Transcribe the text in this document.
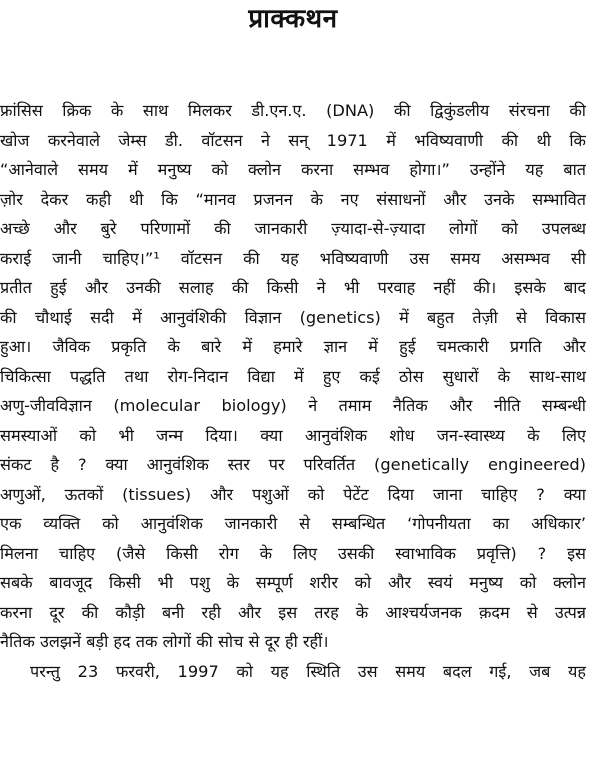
प्राक्कथन
फ्रांसिस क्रिक के साथ मिलकर डी.एन.ए. (DNA) की द्विकुंडलीय संरचना की
खोज करनेवाले जेम्स डी. वॉटसन ने सन् 1971 में भविष्यवाणी की थी कि
“आनेवाले समय में मनुष्य को क्लोन करना सम्भव होगा।” उन्होंने यह बात
ज़ोर देकर कही थी कि “मानव प्रजनन के नए संसाधनों और उनके सम्भावित
अच्छे और बुरे परिणामों की जानकारी ज़्यादा-से-ज़्यादा लोगों को उपलब्ध
कराई जानी चाहिए।”¹ वॉटसन की यह भविष्यवाणी उस समय असम्भव सी
प्रतीत हुई और उनकी सलाह की किसी ने भी परवाह नहीं की। इसके बाद
की चौथाई सदी में आनुवंशिकी विज्ञान (genetics) में बहुत तेज़ी से विकास
हुआ। जैविक प्रकृति के बारे में हमारे ज्ञान में हुई चमत्कारी प्रगति और
चिकित्सा पद्धति तथा रोग-निदान विद्या में हुए कई ठोस सुधारों के साथ-साथ
अणु-जीवविज्ञान (molecular biology) ने तमाम नैतिक और नीति सम्बन्धी
समस्याओं को भी जन्म दिया। क्या आनुवंशिक शोध जन-स्वास्थ्य के लिए
संकट है ? क्या आनुवंशिक स्तर पर परिवर्तित (genetically engineered)
अणुओं, ऊतकों (tissues) और पशुओं को पेटेंट दिया जाना चाहिए ? क्या
एक व्यक्ति को आनुवंशिक जानकारी से सम्बन्धित ‘गोपनीयता का अधिकार’
मिलना चाहिए (जैसे किसी रोग के लिए उसकी स्वाभाविक प्रवृत्ति) ? इस
सबके बावजूद किसी भी पशु के सम्पूर्ण शरीर को और स्वयं मनुष्य को क्लोन
करना दूर की कौड़ी बनी रही और इस तरह के आश्चर्यजनक क़दम से उत्पन्न
नैतिक उलझनें बड़ी हद तक लोगों की सोच से दूर ही रहीं।
परन्तु 23 फरवरी, 1997 को यह स्थिति उस समय बदल गई, जब यह
